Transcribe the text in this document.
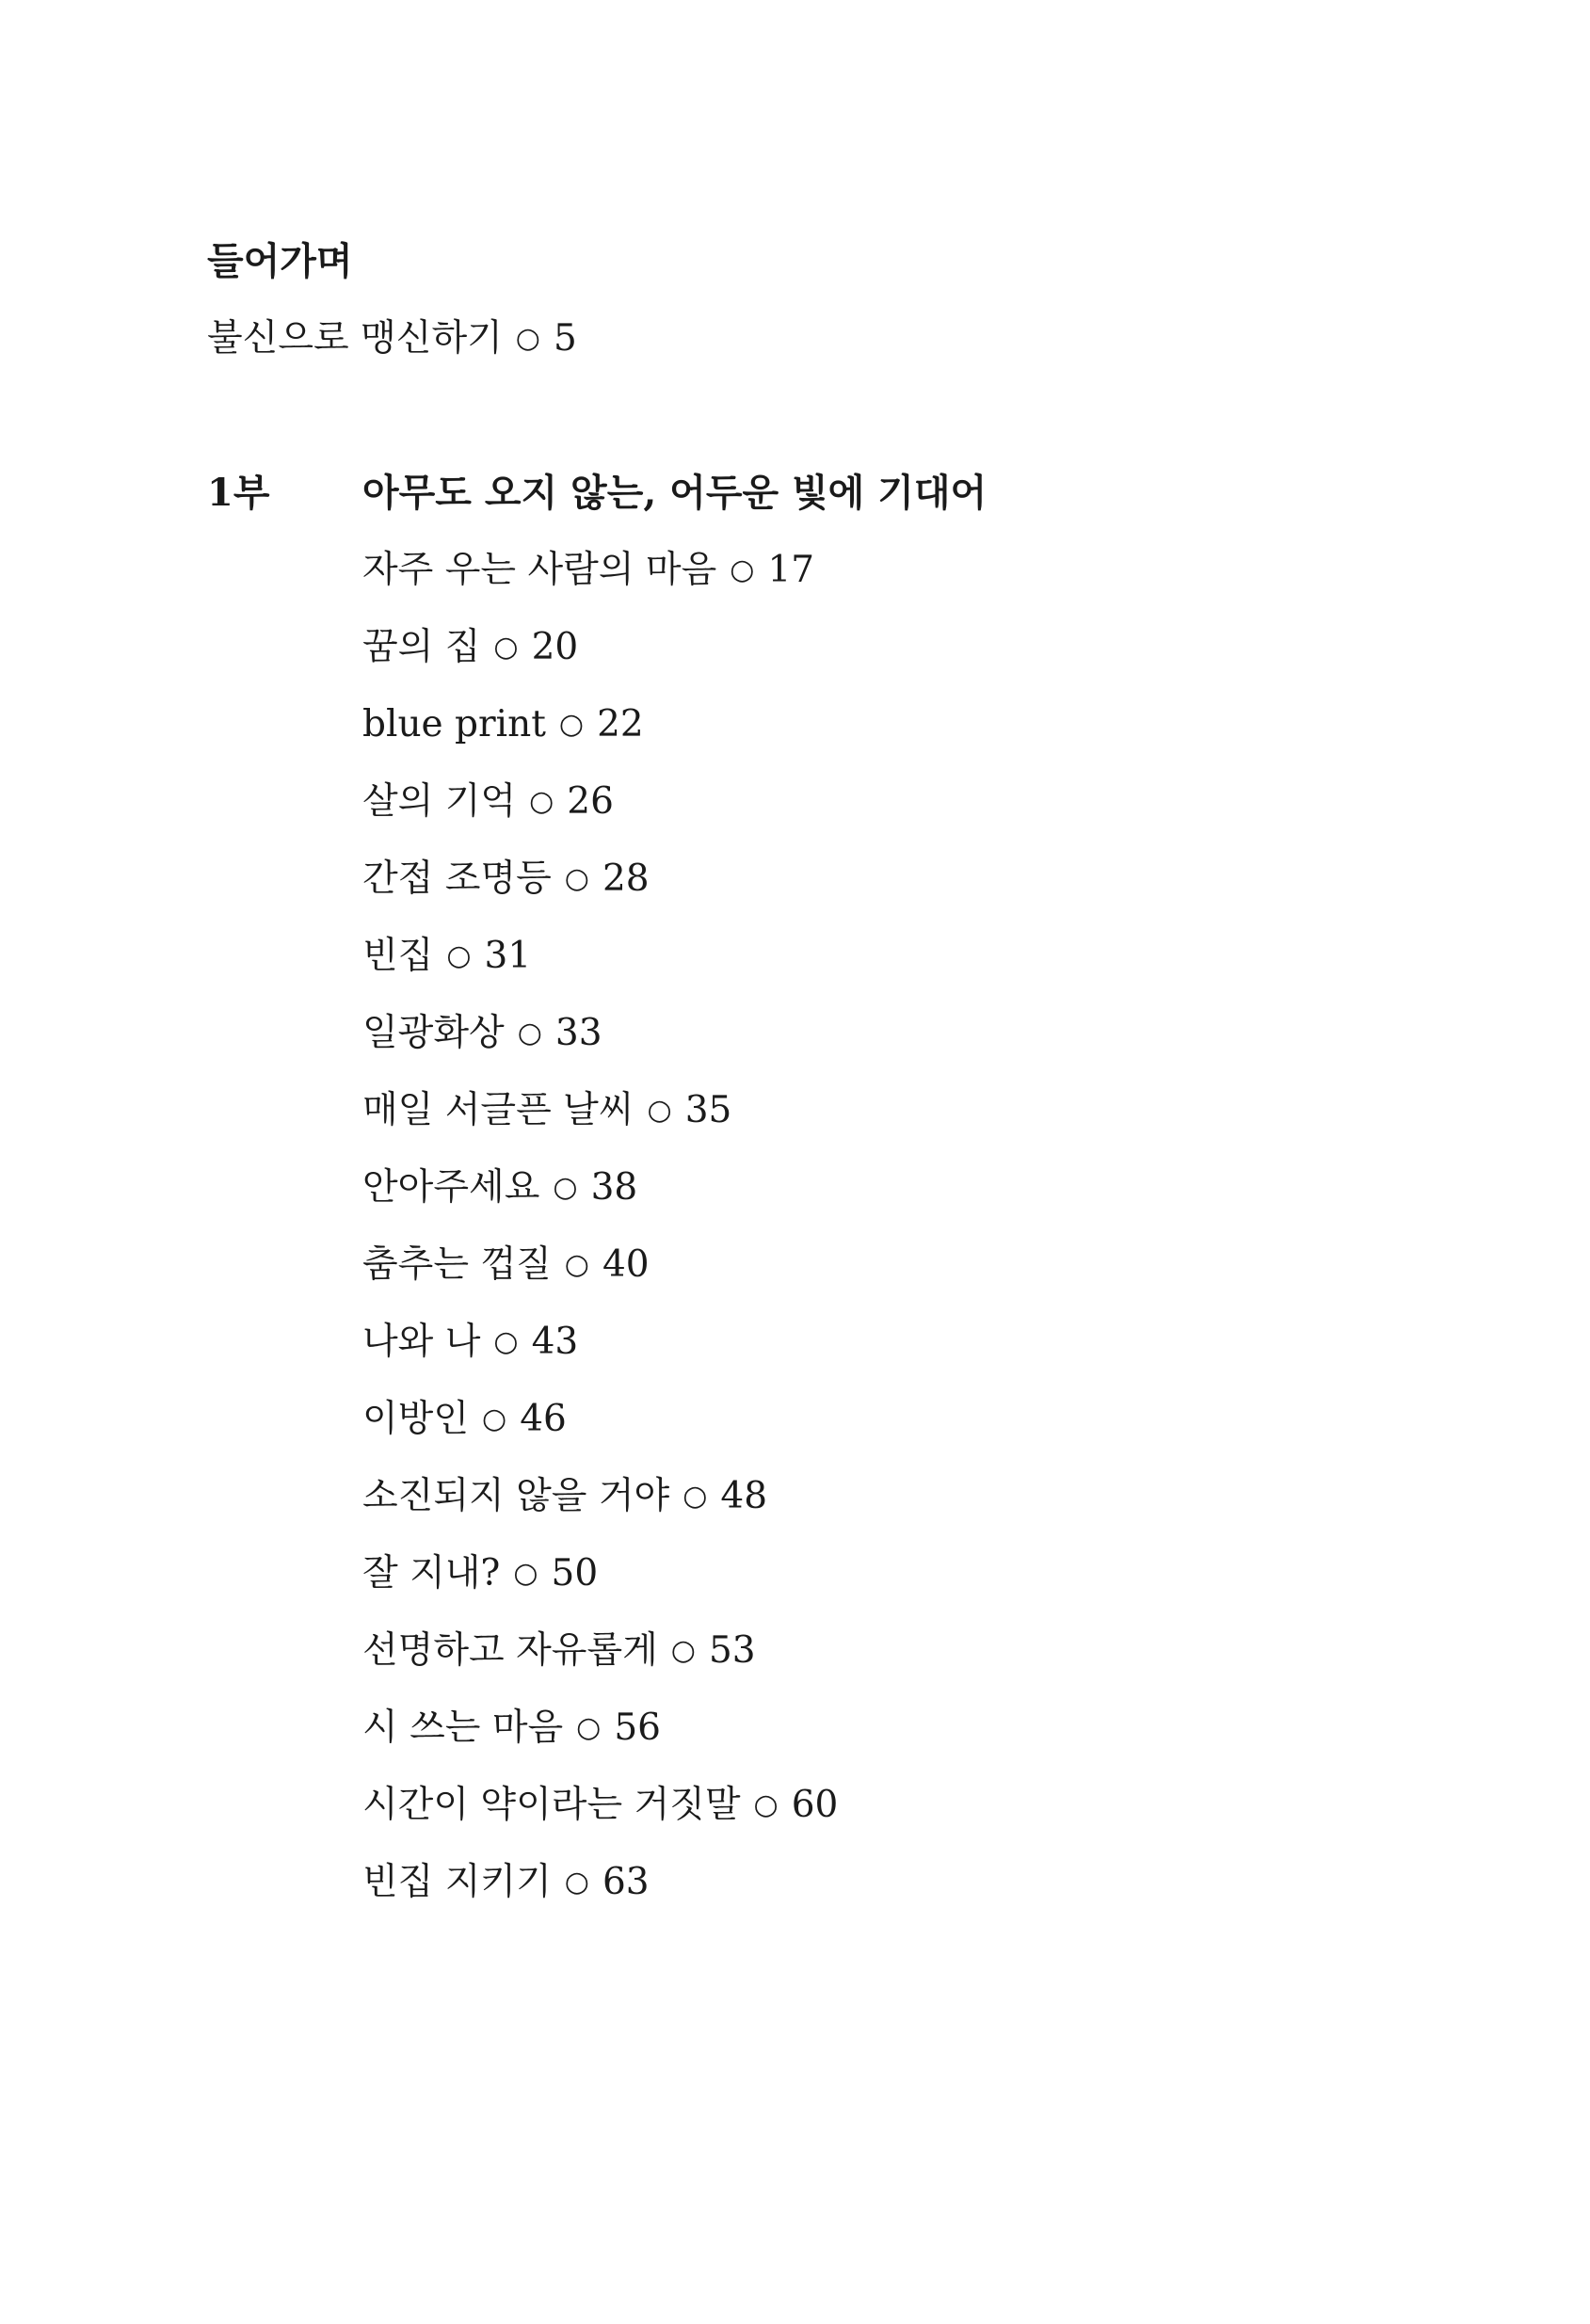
들어가며
불신으로 맹신하기 ○ 5
1부 아무도 오지 않는, 어두운 빛에 기대어
자주 우는 사람의 마음 ○ 17
꿈의 집 ○ 20
blue print ○ 22
살의 기억 ○ 26
간접 조명등 ○ 28
빈집 ○ 31
일광화상 ○ 33
매일 서글픈 날씨 ○ 35
안아주세요 ○ 38
춤추는 껍질 ○ 40
나와 나 ○ 43
이방인 ○ 46
소진되지 않을 거야 ○ 48
잘 지내? ○ 50
선명하고 자유롭게 ○ 53
시 쓰는 마음 ○ 56
시간이 약이라는 거짓말 ○ 60
빈집 지키기 ○ 63
